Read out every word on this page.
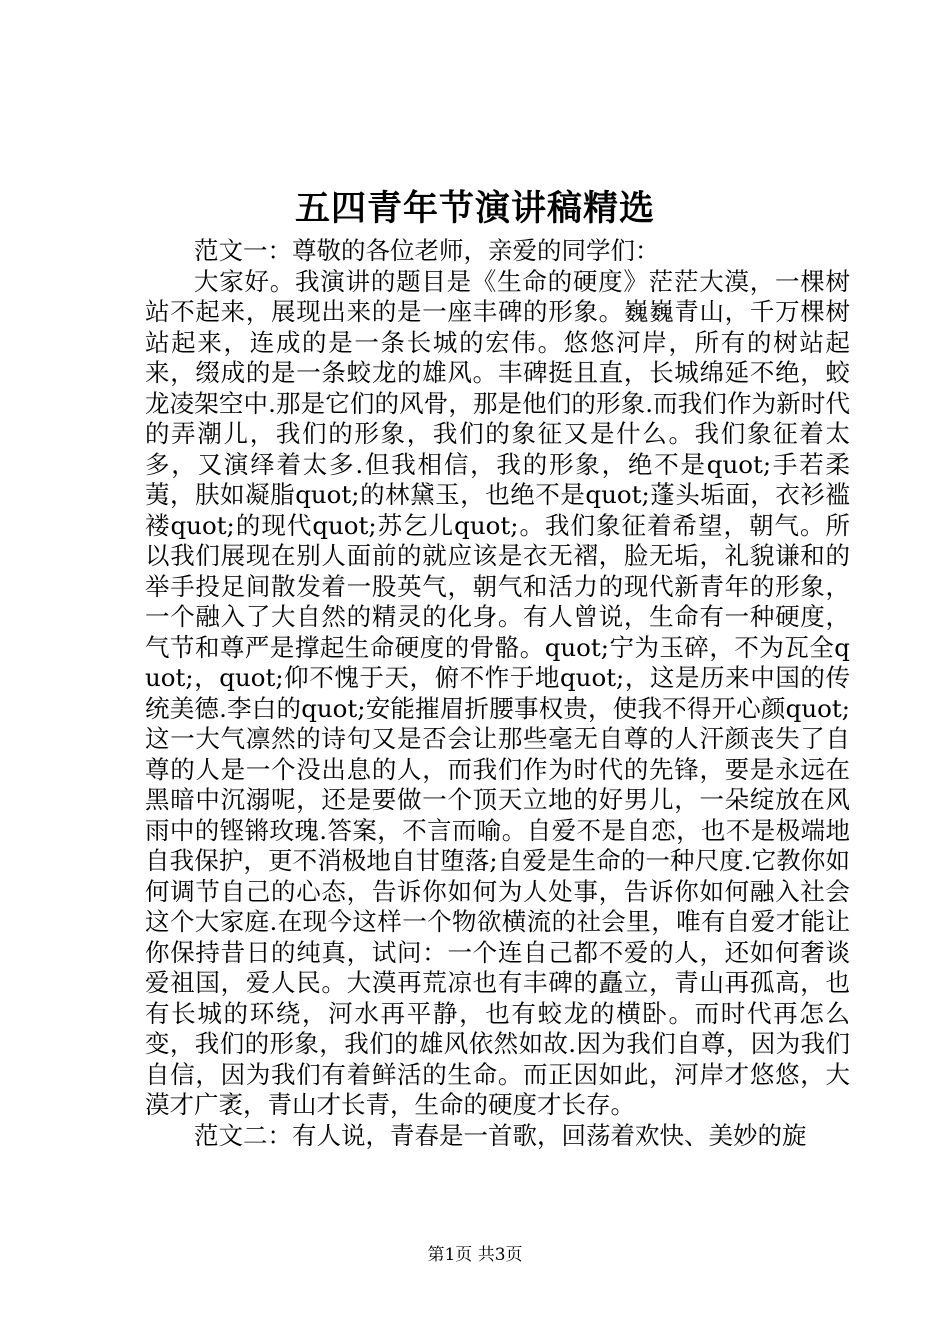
五四青年节演讲稿精选

范文一：尊敬的各位老师，亲爱的同学们：

大家好。我演讲的题目是《生命的硬度》茫茫大漠，一棵树站不起来，展现出来的是一座丰碑的形象。巍巍青山，千万棵树站起来，连成的是一条长城的宏伟。悠悠河岸，所有的树站起来，缀成的是一条蛟龙的雄风。丰碑挺且直，长城绵延不绝，蛟龙凌架空中.那是它们的风骨，那是他们的形象.而我们作为新时代的弄潮儿，我们的形象，我们的象征又是什么。我们象征着太多，又演绎着太多.但我相信，我的形象，绝不是quot;手若柔荑，肤如凝脂quot;的林黛玉，也绝不是quot;蓬头垢面，衣衫褴褛quot;的现代quot;苏乞儿quot;。我们象征着希望，朝气。所以我们展现在别人面前的就应该是衣无褶，脸无垢，礼貌谦和的举手投足间散发着一股英气，朝气和活力的现代新青年的形象，一个融入了大自然的精灵的化身。有人曾说，生命有一种硬度，气节和尊严是撑起生命硬度的骨骼。quot;宁为玉碎，不为瓦全quot;，quot;仰不愧于天，俯不怍于地quot;，这是历来中国的传统美德.李白的quot;安能摧眉折腰事权贵，使我不得开心颜quot;这一大气凛然的诗句又是否会让那些毫无自尊的人汗颜丧失了自尊的人是一个没出息的人，而我们作为时代的先锋，要是永远在黑暗中沉溺呢，还是要做一个顶天立地的好男儿，一朵绽放在风雨中的铿锵玫瑰.答案，不言而喻。自爱不是自恋，也不是极端地自我保护，更不消极地自甘堕落;自爱是生命的一种尺度.它教你如何调节自己的心态，告诉你如何为人处事，告诉你如何融入社会这个大家庭.在现今这样一个物欲横流的社会里，唯有自爱才能让你保持昔日的纯真，试问：一个连自己都不爱的人，还如何奢谈爱祖国，爱人民。大漠再荒凉也有丰碑的矗立，青山再孤高，也有长城的环绕，河水再平静，也有蛟龙的横卧。而时代再怎么变，我们的形象，我们的雄风依然如故.因为我们自尊，因为我们自信，因为我们有着鲜活的生命。而正因如此，河岸才悠悠，大漠才广袤，青山才长青，生命的硬度才长存。

范文二：有人说，青春是一首歌，回荡着欢快、美妙的旋

第1页 共3页
